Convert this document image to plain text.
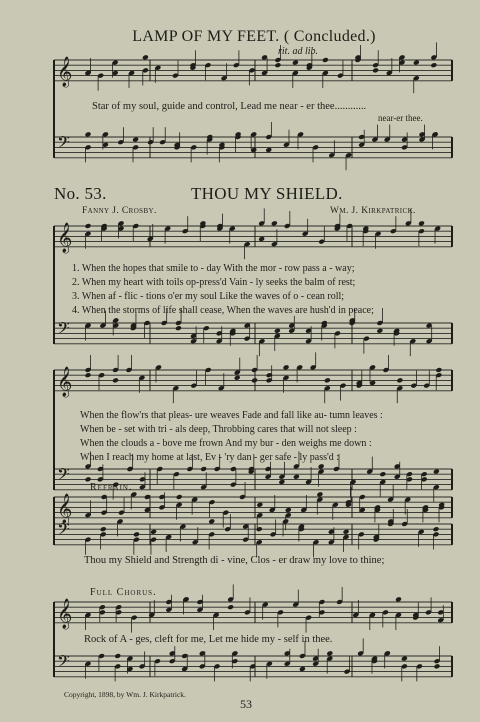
𝄞
𝄢
𝄞
𝄢
𝄞
𝄢
𝄞
𝄢
𝄞
𝄢
LAMP OF MY FEET. ( Concluded.)
rit. ad lib.
Star of my soul, guide and control, Lead me near - er thee............
near-er thee.
No. 53.	THOU MY SHIELD.
Fanny J. Crosby.	Wm. J. Kirkpatrick.
1. When the hopes that smile to - day With the mor - row pass a - way;
2. When my heart with toils op-press'd Vain - ly seeks the balm of rest;
3. When af - flic - tions o'er my soul Like the waves of o - cean roll;
4. When the storms of life shall cease, When the waves are hush'd in peace;
When the flow'rs that pleas- ure weaves Fade and fall like au- tumn leaves :
When be - set with tri - als deep, Throbbing cares that will not sleep :
When the clouds a - bove me frown And my bur - den weighs me down :
When I reach my home at last, Ev - 'ry dan - ger safe - ly pass'd :
Refrain.
Thou my Shield and Strength di - vine, Clos - er draw my love to thine;
Full Chorus.
Rock of A - ges, cleft for me, Let me hide my - self in thee.
Copyright, 1898, by Wm. J. Kirkpatrick.
53
